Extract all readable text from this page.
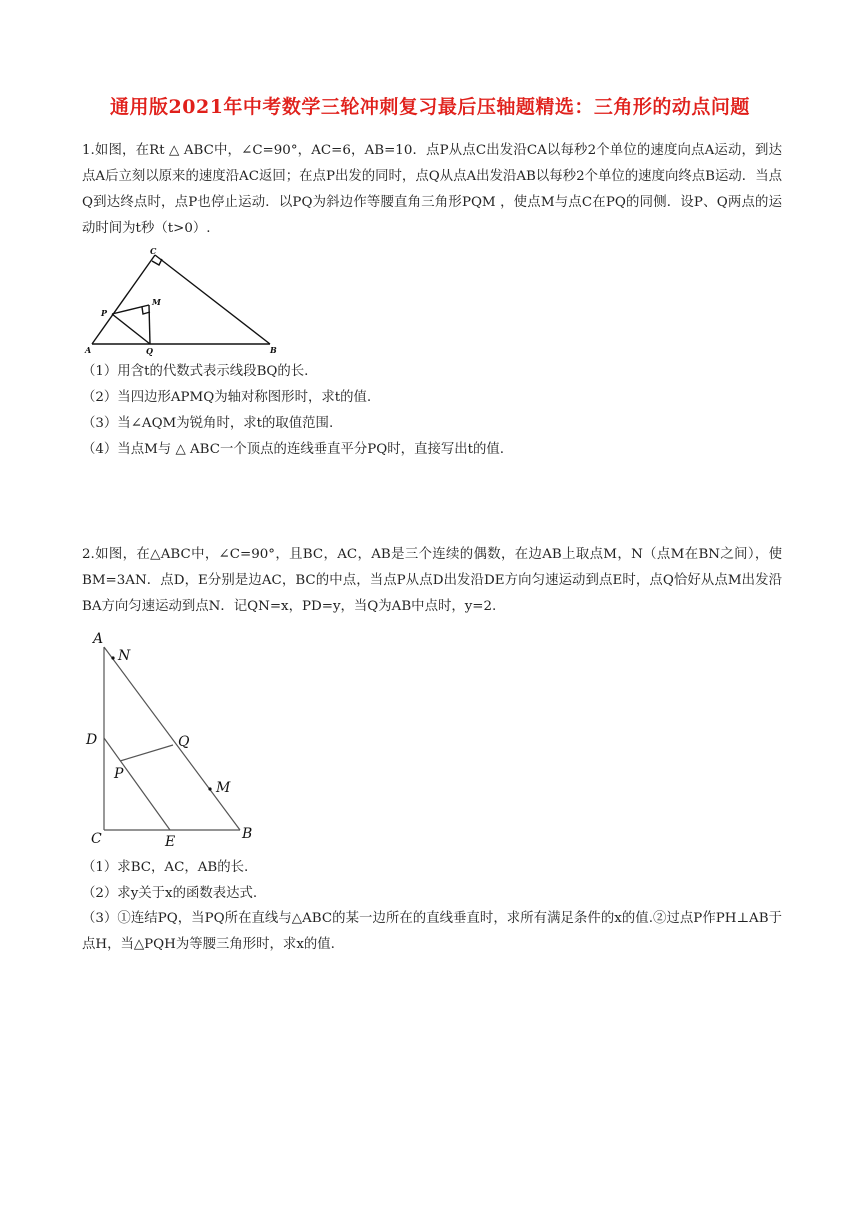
通用版2021年中考数学三轮冲刺复习最后压轴题精选：三角形的动点问题
1.如图，在Rt △ ABC中，∠C=90°，AC=6，AB=10．点P从点C出发沿CA以每秒2个单位的速度向点A运动，到达点A后立刻以原来的速度沿AC返回；在点P出发的同时，点Q从点A出发沿AB以每秒2个单位的速度向终点B运动．当点Q到达终点时，点P也停止运动．以PQ为斜边作等腰直角三角形PQM ，使点M与点C在PQ的同侧．设P、Q两点的运动时间为t秒（t>0）.
C
A	B
P
Q
M
（1）用含t的代数式表示线段BQ的长.
（2）当四边形APMQ为轴对称图形时，求t的值.
（3）当∠AQM为锐角时，求t的取值范围.
（4）当点M与 △ ABC一个顶点的连线垂直平分PQ时，直接写出t的值.
2.如图，在△ABC中，∠C=90°，且BC，AC，AB是三个连续的偶数，在边AB上取点M，N（点M在BN之间），使BM=3AN．点D，E分别是边AC，BC的中点，当点P从点D出发沿DE方向匀速运动到点E时，点Q恰好从点M出发沿BA方向匀速运动到点N．记QN=x，PD=y，当Q为AB中点时，y=2.
A
N
D	Q
P
M
C	E	B
（1）求BC，AC，AB的长.
（2）求y关于x的函数表达式.
（3）①连结PQ，当PQ所在直线与△ABC的某一边所在的直线垂直时，求所有满足条件的x的值.②过点P作PH⊥AB于点H，当△PQH为等腰三角形时，求x的值.
